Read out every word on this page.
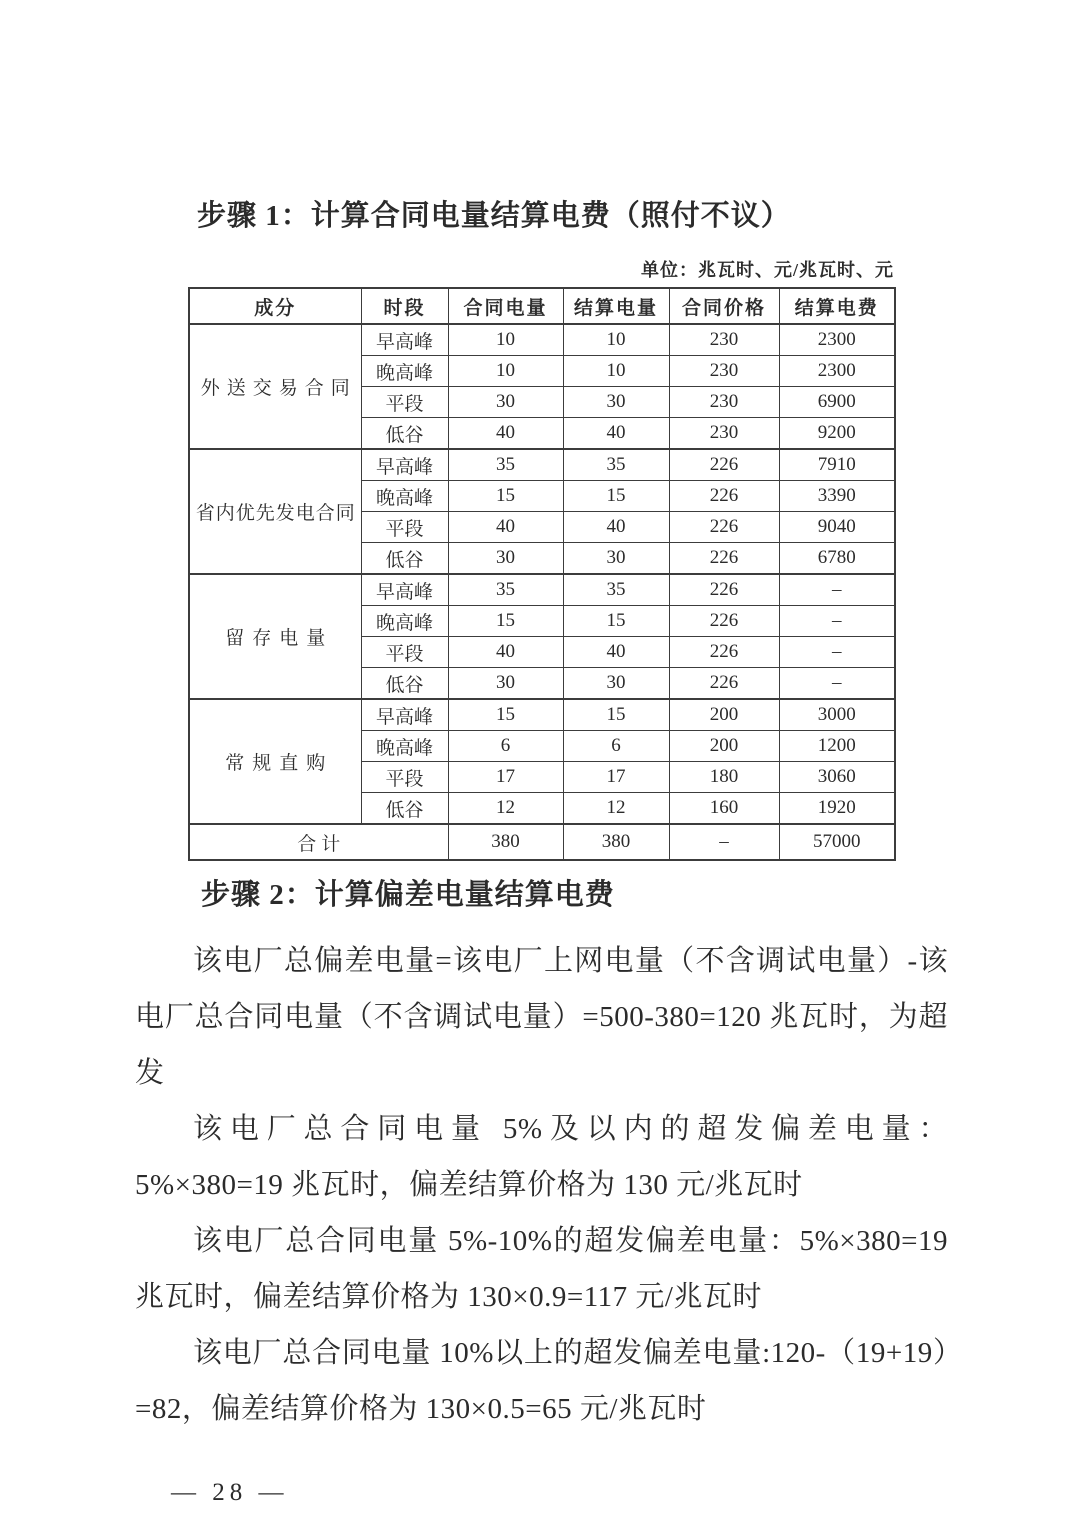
步骤 1：计算合同电量结算电费（照付不议）
单位：兆瓦时、元/兆瓦时、元
成分	时段	合同电量	结算电量	合同价格	结算电费
外送交易合同	早高峰	10	10	230	2300
	晚高峰	10	10	230	2300
	平段	30	30	230	6900
	低谷	40	40	230	9200
省内优先发电合同	早高峰	35	35	226	7910
	晚高峰	15	15	226	3390
	平段	40	40	226	9040
	低谷	30	30	226	6780
留存电量	早高峰	35	35	226	–
	晚高峰	15	15	226	–
	平段	40	40	226	–
	低谷	30	30	226	–
常规直购	早高峰	15	15	200	3000
	晚高峰	6	6	200	1200
	平段	17	17	180	3060
	低谷	12	12	160	1920
合计		380	380	–	57000
步骤 2：计算偏差电量结算电费

该电厂总偏差电量=该电厂上网电量（不含调试电量）-该电厂总合同电量（不含调试电量）=500-380=120 兆瓦时，为超发

该电厂总合同电量 5%及以内的超发偏差电量：5%×380=19 兆瓦时，偏差结算价格为 130 元/兆瓦时

该电厂总合同电量 5%-10%的超发偏差电量：5%×380=19 兆瓦时，偏差结算价格为 130×0.9=117 元/兆瓦时

该电厂总合同电量 10%以上的超发偏差电量:120-（19+19）=82，偏差结算价格为 130×0.5=65 元/兆瓦时

— 28 —
